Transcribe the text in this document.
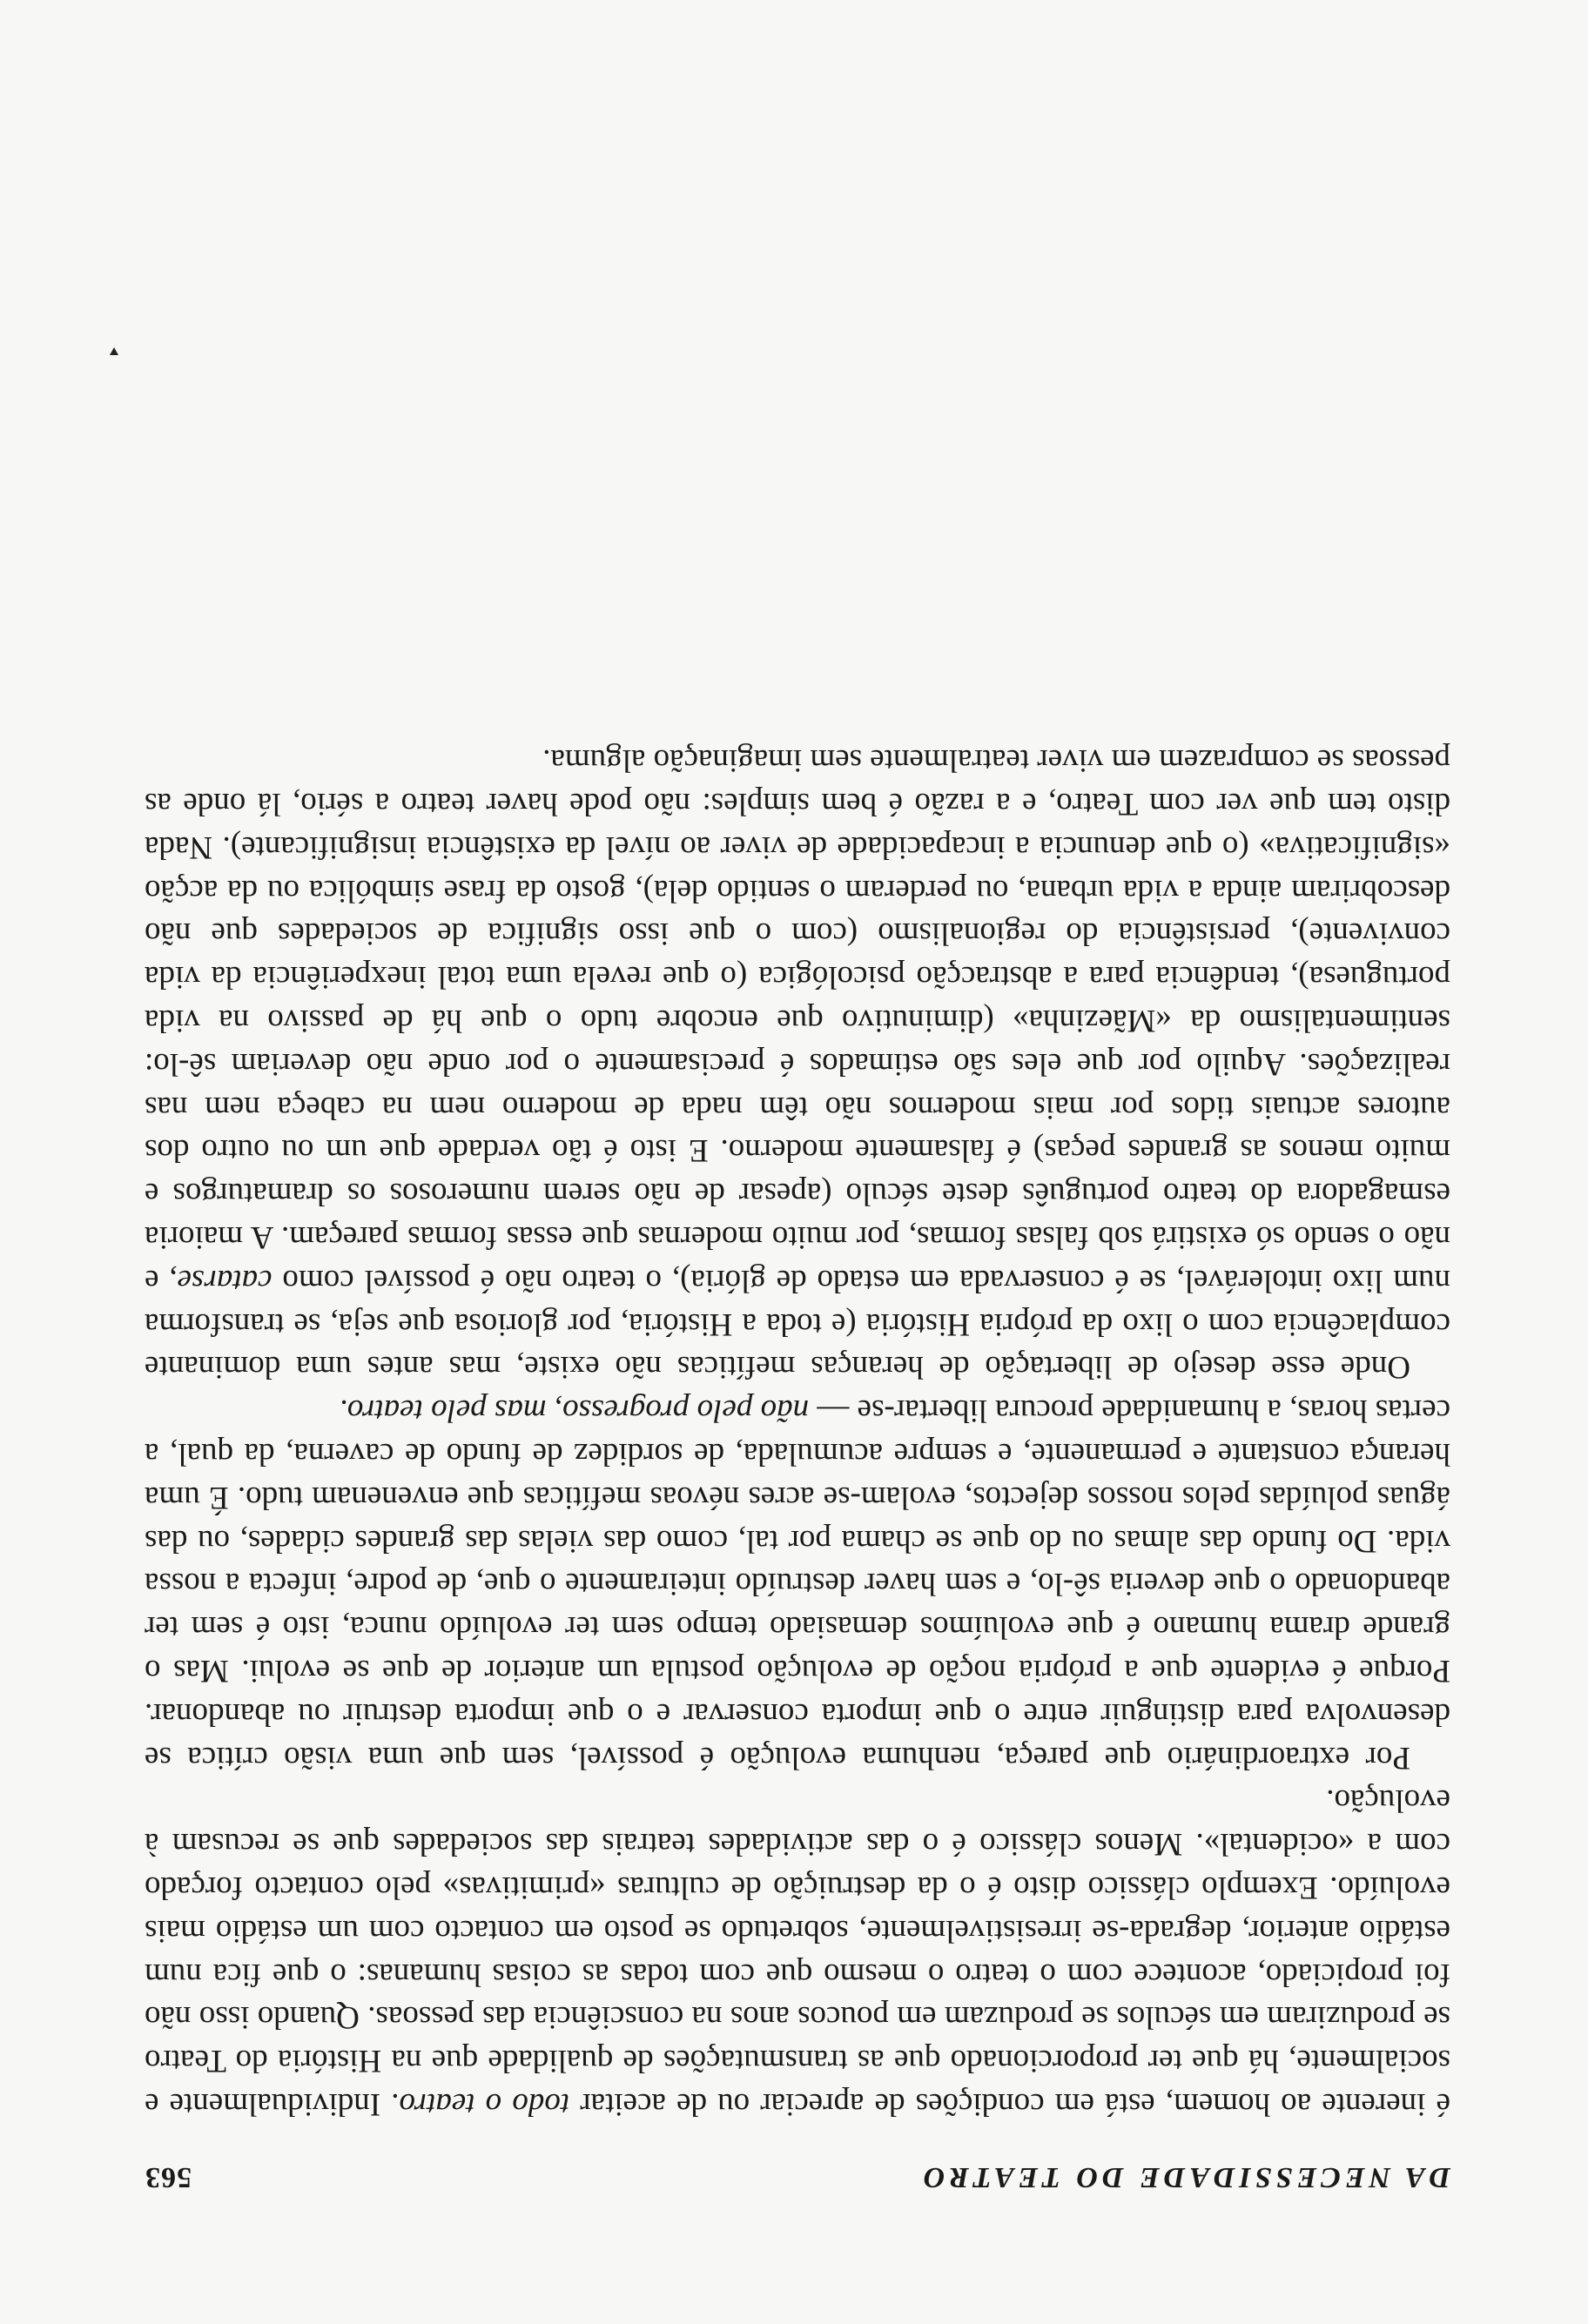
DA NECESSIDADE DO TEATRO
563

é inerente ao homem, está em condições de apreciar ou de aceitar todo o teatro. Individualmente e socialmente, há que ter proporcionado que as transmutações de qualidade que na História do Teatro se produziram em séculos se produzam em poucos anos na consciência das pessoas. Quando isso não foi propiciado, acontece com o teatro o mesmo que com todas as coisas humanas: o que fica num estádio anterior, degrada-se irresistivelmente, sobretudo se posto em contacto com um estádio mais evoluído. Exemplo clássico disto é o da destruição de culturas «primitivas» pelo contacto forçado com a «ocidental». Menos clássico é o das actividades teatrais das sociedades que se recusam à evolução.

Por extraordinário que pareça, nenhuma evolução é possível, sem que uma visão crítica se desenvolva para distinguir entre o que importa conservar e o que importa destruir ou abandonar. Porque é evidente que a própria noção de evolução postula um anterior de que se evolui. Mas o grande drama humano é que evoluímos demasiado tempo sem ter evoluído nunca, isto é sem ter abandonado o que deveria sê-lo, e sem haver destruído inteiramente o que, de podre, infecta a nossa vida. Do fundo das almas ou do que se chama por tal, como das vielas das grandes cidades, ou das águas poluídas pelos nossos dejectos, evolam-se acres névoas mefíticas que envenenam tudo. É uma herança constante e permanente, e sempre acumulada, de sordidez de fundo de caverna, da qual, a certas horas, a humanidade procura libertar-se — não pelo progresso, mas pelo teatro.

Onde esse desejo de libertação de heranças mefíticas não existe, mas antes uma dominante complacência com o lixo da própria História (e toda a História, por gloriosa que seja, se transforma num lixo intolerável, se é conservada em estado de glória), o teatro não é possível como catarse, e não o sendo só existirá sob falsas formas, por muito modernas que essas formas pareçam. A maioria esmagadora do teatro português deste século (apesar de não serem numerosos os dramaturgos e muito menos as grandes peças) é falsamente moderno. E isto é tão verdade que um ou outro dos autores actuais tidos por mais modernos não têm nada de moderno nem na cabeça nem nas realizações. Aquilo por que eles são estimados é precisamente o por onde não deveriam sê-lo: sentimentalismo da «Mãezinha» (diminutivo que encobre tudo o que há de passivo na vida portuguesa), tendência para a abstracção psicológica (o que revela uma total inexperiência da vida convivente), persistência do regionalismo (com o que isso significa de sociedades que não descobriram ainda a vida urbana, ou perderam o sentido dela), gosto da frase simbólica ou da acção «significativa» (o que denuncia a incapacidade de viver ao nível da existência insignificante). Nada disto tem que ver com Teatro, e a razão é bem simples: não pode haver teatro a sério, lá onde as pessoas se comprazem em viver teatralmente sem imaginação alguma.
